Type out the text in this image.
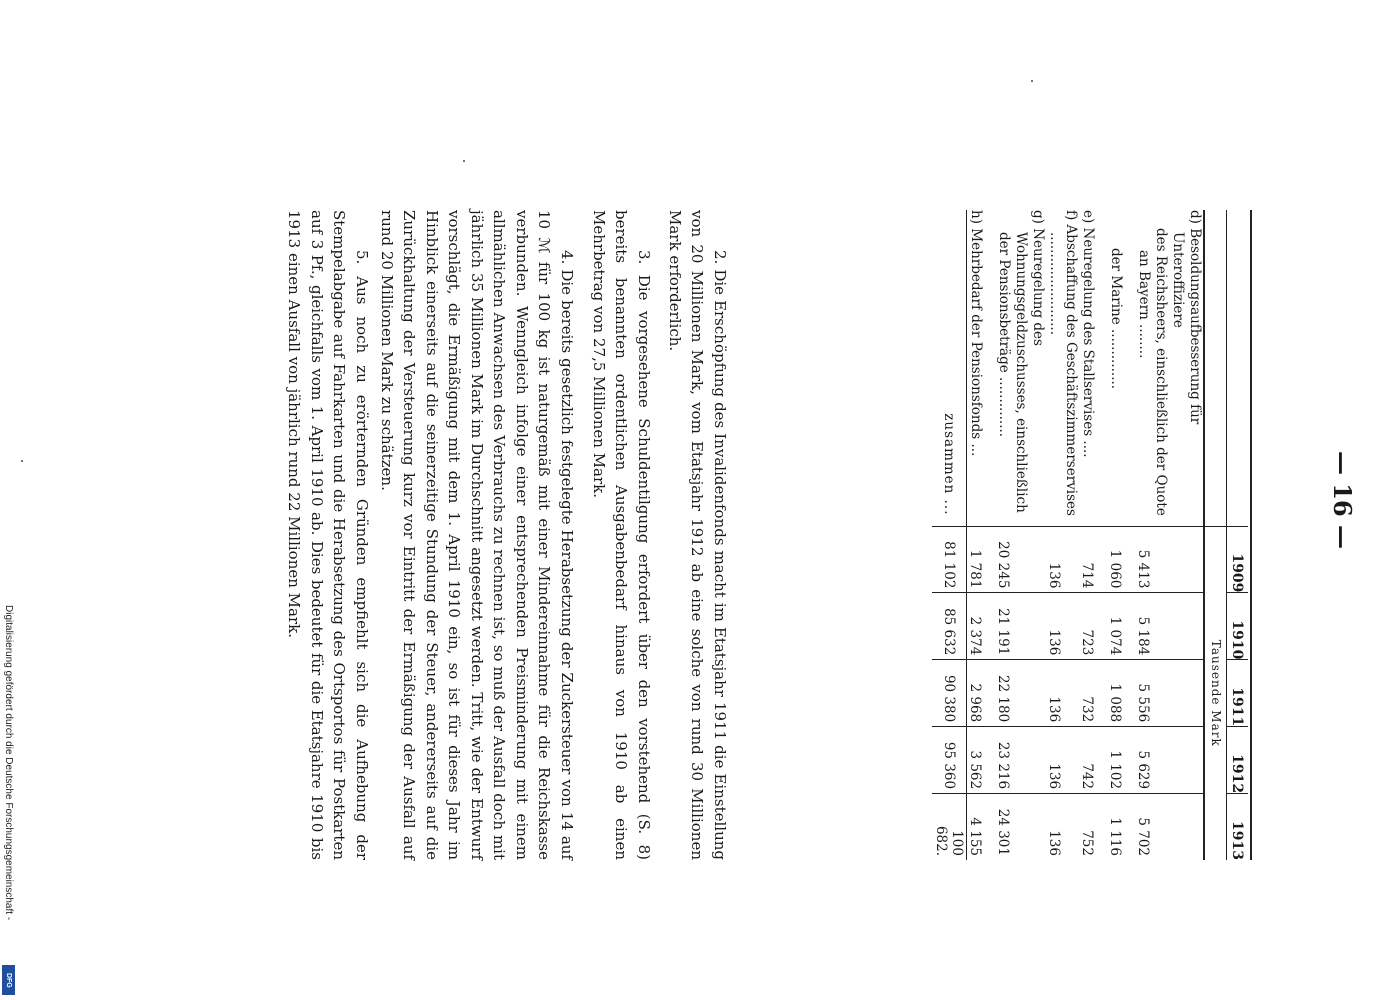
— 16 —
	1909	1910	1911	1912	1913
	Tausende Mark				
d) Besoldungsaufbesserung für Unteroffiziere					
des Reichsheers, einschließlich der Quote an Bayern ........	5 413	5 184	5 556	5 629	5 702
der Marine ..............	1 060	1 074	1 088	1 102	1 116
e) Neuregelung des Stallservises ....	714	723	732	742	752
f) Abschaffung des Geschäftszimmerservises ........................	136	136	136	136	136
g) Neuregelung des Wohnungsgeldzuschusses, einschließlich der Pensionsbeträge ..............	20 245	21 191	22 180	23 216	24 301
h) Mehrbedarf der Pensionsfonds ...	1 781	2 374	2 968	3 562	4 155
zusammen ...	81 102	85 632	90 380	95 360	100 682.

2. Die Erschöpfung des Invalidenfonds macht im Etatsjahr 1911 die Einstellung von 20 Millionen Mark, vom Etatsjahr 1912 ab eine solche von rund 30 Millionen Mark erforderlich.

3. Die vorgesehene Schuldentilgung erfordert über den vorstehend (S. 8) bereits benannten ordentlichen Ausgabenbedarf hinaus von 1910 ab einen Mehrbetrag von 27,5 Millionen Mark.

4. Die bereits gesetzlich festgelegte Herabsetzung der Zuckersteuer von 14 auf 10 ℳ für 100 kg ist naturgemäß mit einer Mindereinnahme für die Reichskasse verbunden. Wenngleich infolge einer entsprechenden Preisminderung mit einem allmählichen Anwachsen des Verbrauchs zu rechnen ist, so muß der Ausfall doch mit jährlich 35 Millionen Mark im Durchschnitt angesetzt werden. Tritt, wie der Entwurf vorschlägt, die Ermäßigung mit dem 1. April 1910 ein, so ist für dieses Jahr im Hinblick einerseits auf die seinerzeitige Stundung der Steuer, andererseits auf die Zurückhaltung der Versteuerung kurz vor Eintritt der Ermäßigung der Ausfall auf rund 20 Millionen Mark zu schätzen.

5. Aus noch zu erörternden Gründen empfiehlt sich die Aufhebung der Stempelabgabe auf Fahrkarten und die Herabsetzung des Ortsportos für Postkarten auf 3 Pf., gleichfalls vom 1. April 1910 ab. Dies bedeutet für die Etatsjahre 1910 bis 1913 einen Ausfall von jährlich rund 22 Millionen Mark.

Digitalisierung gefördert durch die Deutsche Forschungsgemeinschaft -
DFG
